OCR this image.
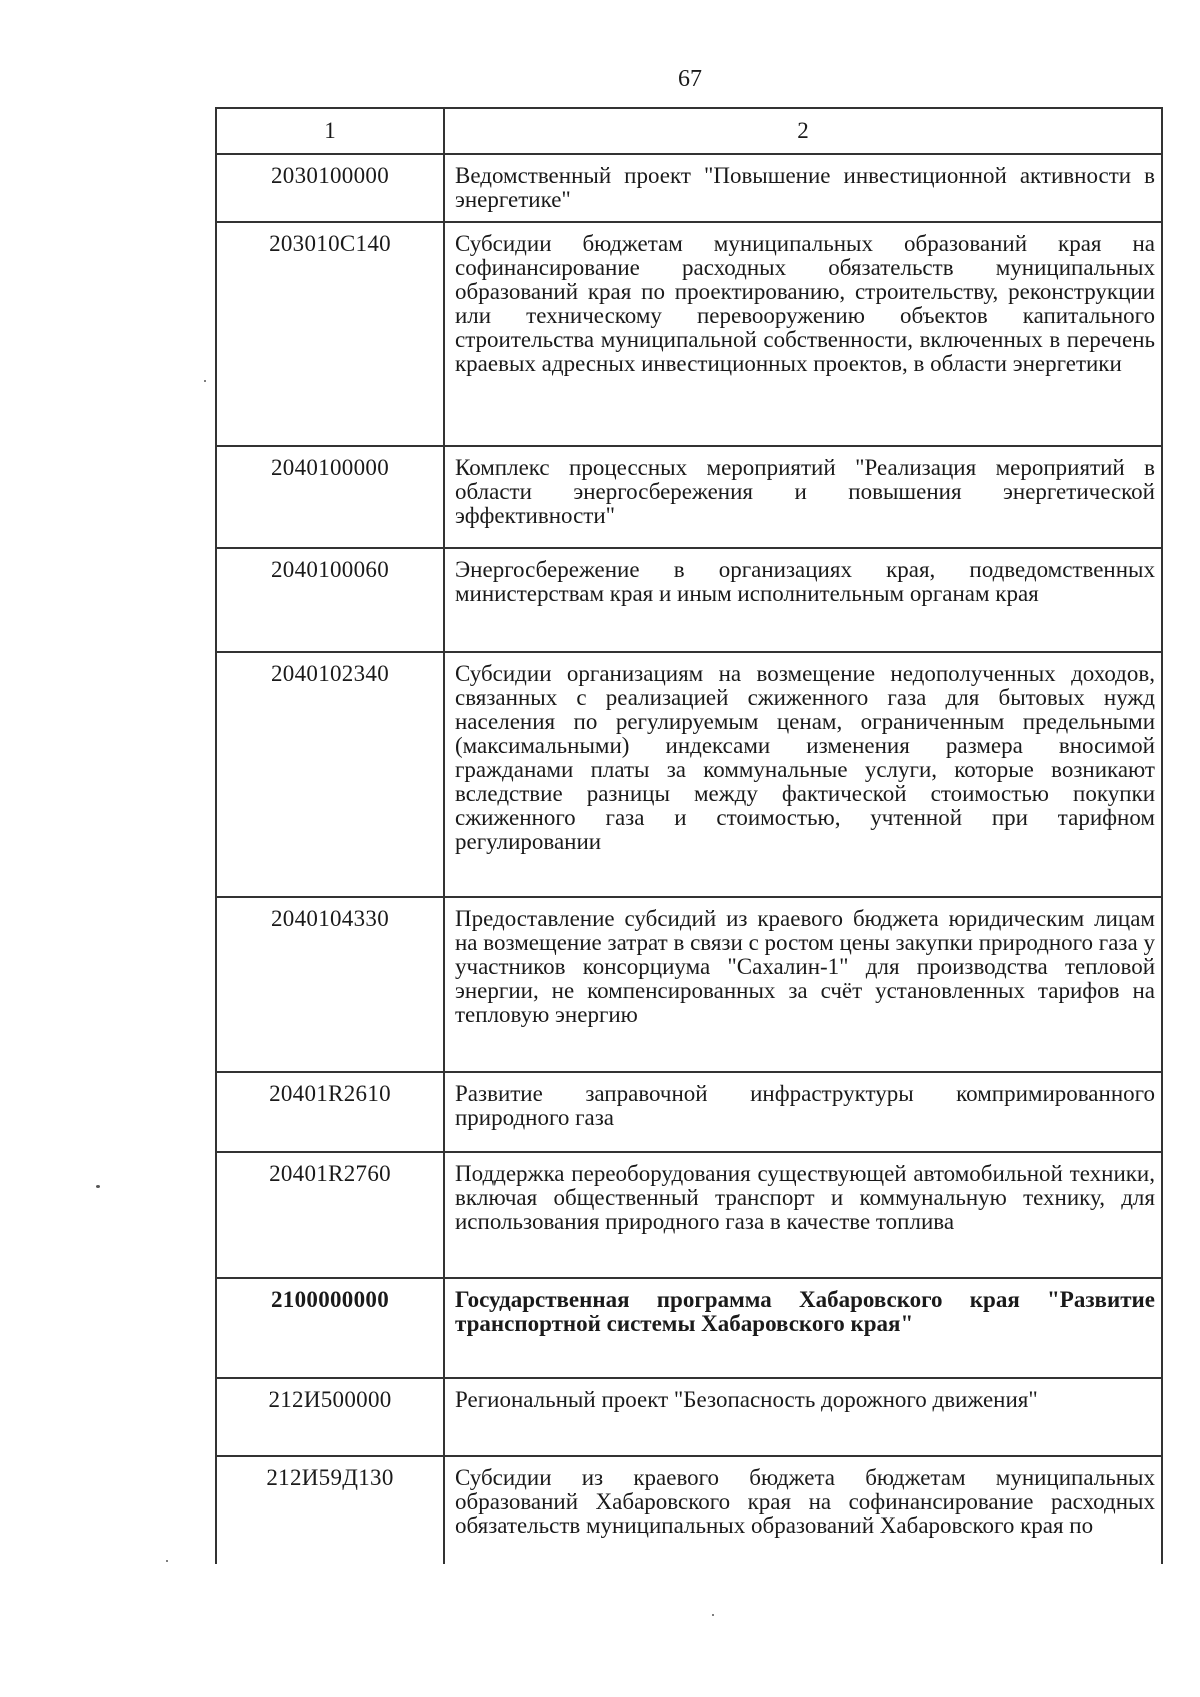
67
1	2
2030100000	Ведомственный проект "Повышение инвестиционной активности в энергетике"
203010С140	Субсидии бюджетам муниципальных образований края на софинансирование расходных обязательств муниципальных образований края по проектированию, строительству, реконструкции или техническому перевооружению объектов капитального строительства муниципальной собственности, включенных в перечень краевых адресных инвестиционных проектов, в области энергетики
2040100000	Комплекс процессных мероприятий "Реализация мероприятий в области энергосбережения и повышения энергетической эффективности"
2040100060	Энергосбережение в организациях края, подведомственных министерствам края и иным исполнительным органам края
2040102340	Субсидии организациям на возмещение недополученных доходов, связанных с реализацией сжиженного газа для бытовых нужд населения по регулируемым ценам, ограниченным предельными (максимальными) индексами изменения размера вносимой гражданами платы за коммунальные услуги, которые возникают вследствие разницы между фактической стоимостью покупки сжиженного газа и стоимостью, учтенной при тарифном регулировании
2040104330	Предоставление субсидий из краевого бюджета юридическим лицам на возмещение затрат в связи с ростом цены закупки природного газа у участников консорциума "Сахалин-1" для производства тепловой энергии, не компенсированных за счёт установленных тарифов на тепловую энергию
20401R2610	Развитие заправочной инфраструктуры компримированного природного газа
20401R2760	Поддержка переоборудования существующей автомобильной техники, включая общественный транспорт и коммунальную технику, для использования природного газа в качестве топлива
2100000000	Государственная программа Хабаровского края "Развитие транспортной системы Хабаровского края"
212И500000	Региональный проект "Безопасность дорожного движения"
212И59Д130	Субсидии из краевого бюджета бюджетам муниципальных образований Хабаровского края на софинансирование расходных обязательств муниципальных образований Хабаровского края по
